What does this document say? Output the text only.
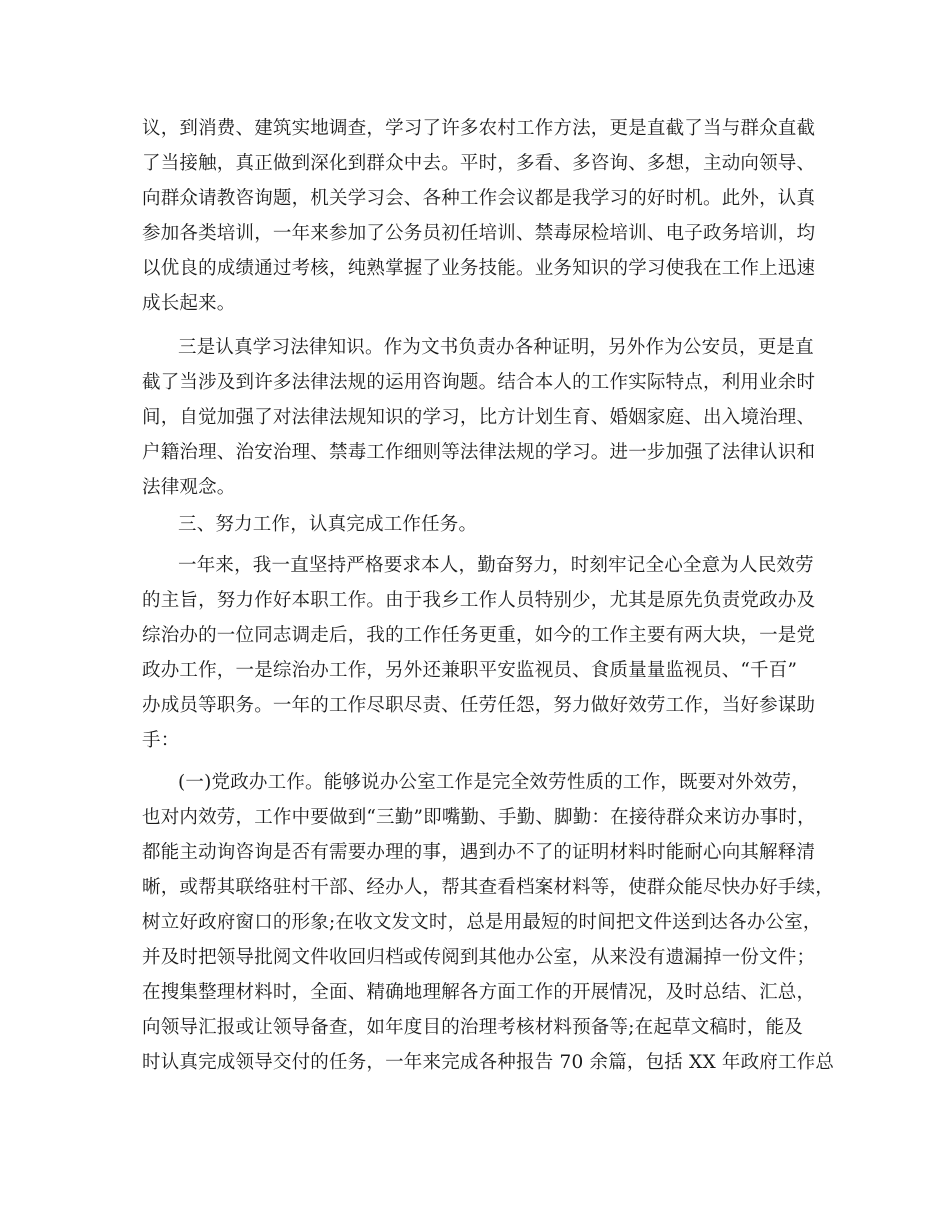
议，到消费、建筑实地调查，学习了许多农村工作方法，更是直截了当与群众直截
了当接触，真正做到深化到群众中去。平时，多看、多咨询、多想，主动向领导、
向群众请教咨询题，机关学习会、各种工作会议都是我学习的好时机。此外，认真
参加各类培训，一年来参加了公务员初任培训、禁毒尿检培训、电子政务培训，均
以优良的成绩通过考核，纯熟掌握了业务技能。业务知识的学习使我在工作上迅速
成长起来。
三是认真学习法律知识。作为文书负责办各种证明，另外作为公安员，更是直
截了当涉及到许多法律法规的运用咨询题。结合本人的工作实际特点，利用业余时
间，自觉加强了对法律法规知识的学习，比方计划生育、婚姻家庭、出入境治理、
户籍治理、治安治理、禁毒工作细则等法律法规的学习。进一步加强了法律认识和
法律观念。
三、努力工作，认真完成工作任务。
一年来，我一直坚持严格要求本人，勤奋努力，时刻牢记全心全意为人民效劳
的主旨，努力作好本职工作。由于我乡工作人员特别少，尤其是原先负责党政办及
综治办的一位同志调走后，我的工作任务更重，如今的工作主要有两大块，一是党
政办工作，一是综治办工作，另外还兼职平安监视员、食质量量监视员、“千百”
办成员等职务。一年的工作尽职尽责、任劳任怨，努力做好效劳工作，当好参谋助
手：
(一)党政办工作。能够说办公室工作是完全效劳性质的工作，既要对外效劳，
也对内效劳，工作中要做到“三勤”即嘴勤、手勤、脚勤：在接待群众来访办事时，
都能主动询咨询是否有需要办理的事，遇到办不了的证明材料时能耐心向其解释清
晰，或帮其联络驻村干部、经办人，帮其查看档案材料等，使群众能尽快办好手续，
树立好政府窗口的形象;在收文发文时，总是用最短的时间把文件送到达各办公室，
并及时把领导批阅文件收回归档或传阅到其他办公室，从来没有遗漏掉一份文件；
在搜集整理材料时，全面、精确地理解各方面工作的开展情况，及时总结、汇总，
向领导汇报或让领导备查，如年度目的治理考核材料预备等;在起草文稿时，能及
时认真完成领导交付的任务，一年来完成各种报告 70 余篇，包括 XX 年政府工作总
